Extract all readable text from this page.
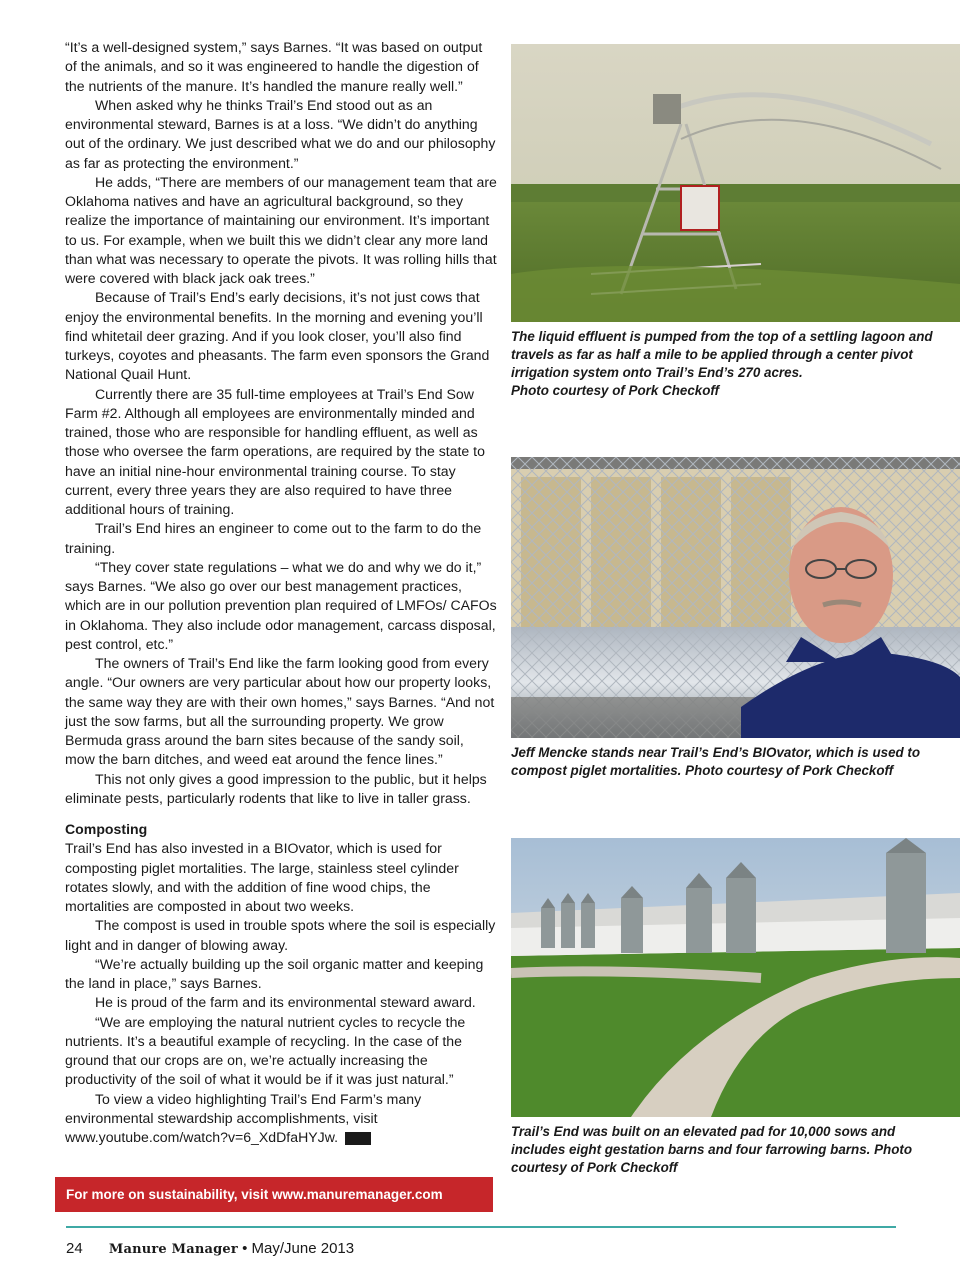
“It’s a well-designed system,” says Barnes. “It was based on output of the animals, and so it was engineered to handle the digestion of the nutrients of the manure. It’s handled the manure really well.”

When asked why he thinks Trail’s End stood out as an environmental steward, Barnes is at a loss. “We didn’t do anything out of the ordinary. We just described what we do and our philosophy as far as protecting the environment.”

He adds, “There are members of our management team that are Oklahoma natives and have an agricultural background, so they realize the importance of maintaining our environment. It’s important to us. For example, when we built this we didn’t clear any more land than what was necessary to operate the pivots. It was rolling hills that were covered with black jack oak trees.”

Because of Trail’s End’s early decisions, it’s not just cows that enjoy the environmental benefits. In the morning and evening you’ll find whitetail deer grazing. And if you look closer, you’ll also find turkeys, coyotes and pheasants. The farm even sponsors the Grand National Quail Hunt.

Currently there are 35 full-time employees at Trail’s End Sow Farm #2. Although all employees are environmentally minded and trained, those who are responsible for handling effluent, as well as those who oversee the farm operations, are required by the state to have an initial nine-hour environmental training course. To stay current, every three years they are also required to have three additional hours of training.

Trail’s End hires an engineer to come out to the farm to do the training.

“They cover state regulations – what we do and why we do it,” says Barnes. “We also go over our best management practices, which are in our pollution prevention plan required of LMFOs/ CAFOs in Oklahoma. They also include odor management, carcass disposal, pest control, etc.”

The owners of Trail’s End like the farm looking good from every angle. “Our owners are very particular about how our property looks, the same way they are with their own homes,” says Barnes. “And not just the sow farms, but all the surrounding property. We grow Bermuda grass around the barn sites because of the sandy soil, mow the barn ditches, and weed eat around the fence lines.”

This not only gives a good impression to the public, but it helps eliminate pests, particularly rodents that like to live in taller grass.

Composting

Trail’s End has also invested in a BIOvator, which is used for composting piglet mortalities. The large, stainless steel cylinder rotates slowly, and with the addition of fine wood chips, the mortalities are composted in about two weeks.

The compost is used in trouble spots where the soil is especially light and in danger of blowing away.

“We’re actually building up the soil organic matter and keeping the land in place,” says Barnes.

He is proud of the farm and its environmental steward award.

“We are employing the natural nutrient cycles to recycle the nutrients. It’s a beautiful example of recycling. In the case of the ground that our crops are on, we’re actually increasing the productivity of the soil of what it would be if it was just natural.”

To view a video highlighting Trail’s End Farm’s many environmental stewardship accomplishments, visit www.youtube.com/watch?v=6_XdDfaHYJw.	MM

For more on sustainability, visit www.manuremanager.com
The liquid effluent is pumped from the top of a settling lagoon and travels as far as half a mile to be applied through a center pivot irrigation system onto Trail’s End’s 270 acres.
Photo courtesy of Pork Checkoff
Jeff Mencke stands near Trail’s End’s BIOvator, which is used to compost piglet mortalities. Photo courtesy of Pork Checkoff
Trail’s End was built on an elevated pad for 10,000 sows and includes eight gestation barns and four farrowing barns. Photo courtesy of Pork Checkoff
24 Manure Manager • May/June 2013
